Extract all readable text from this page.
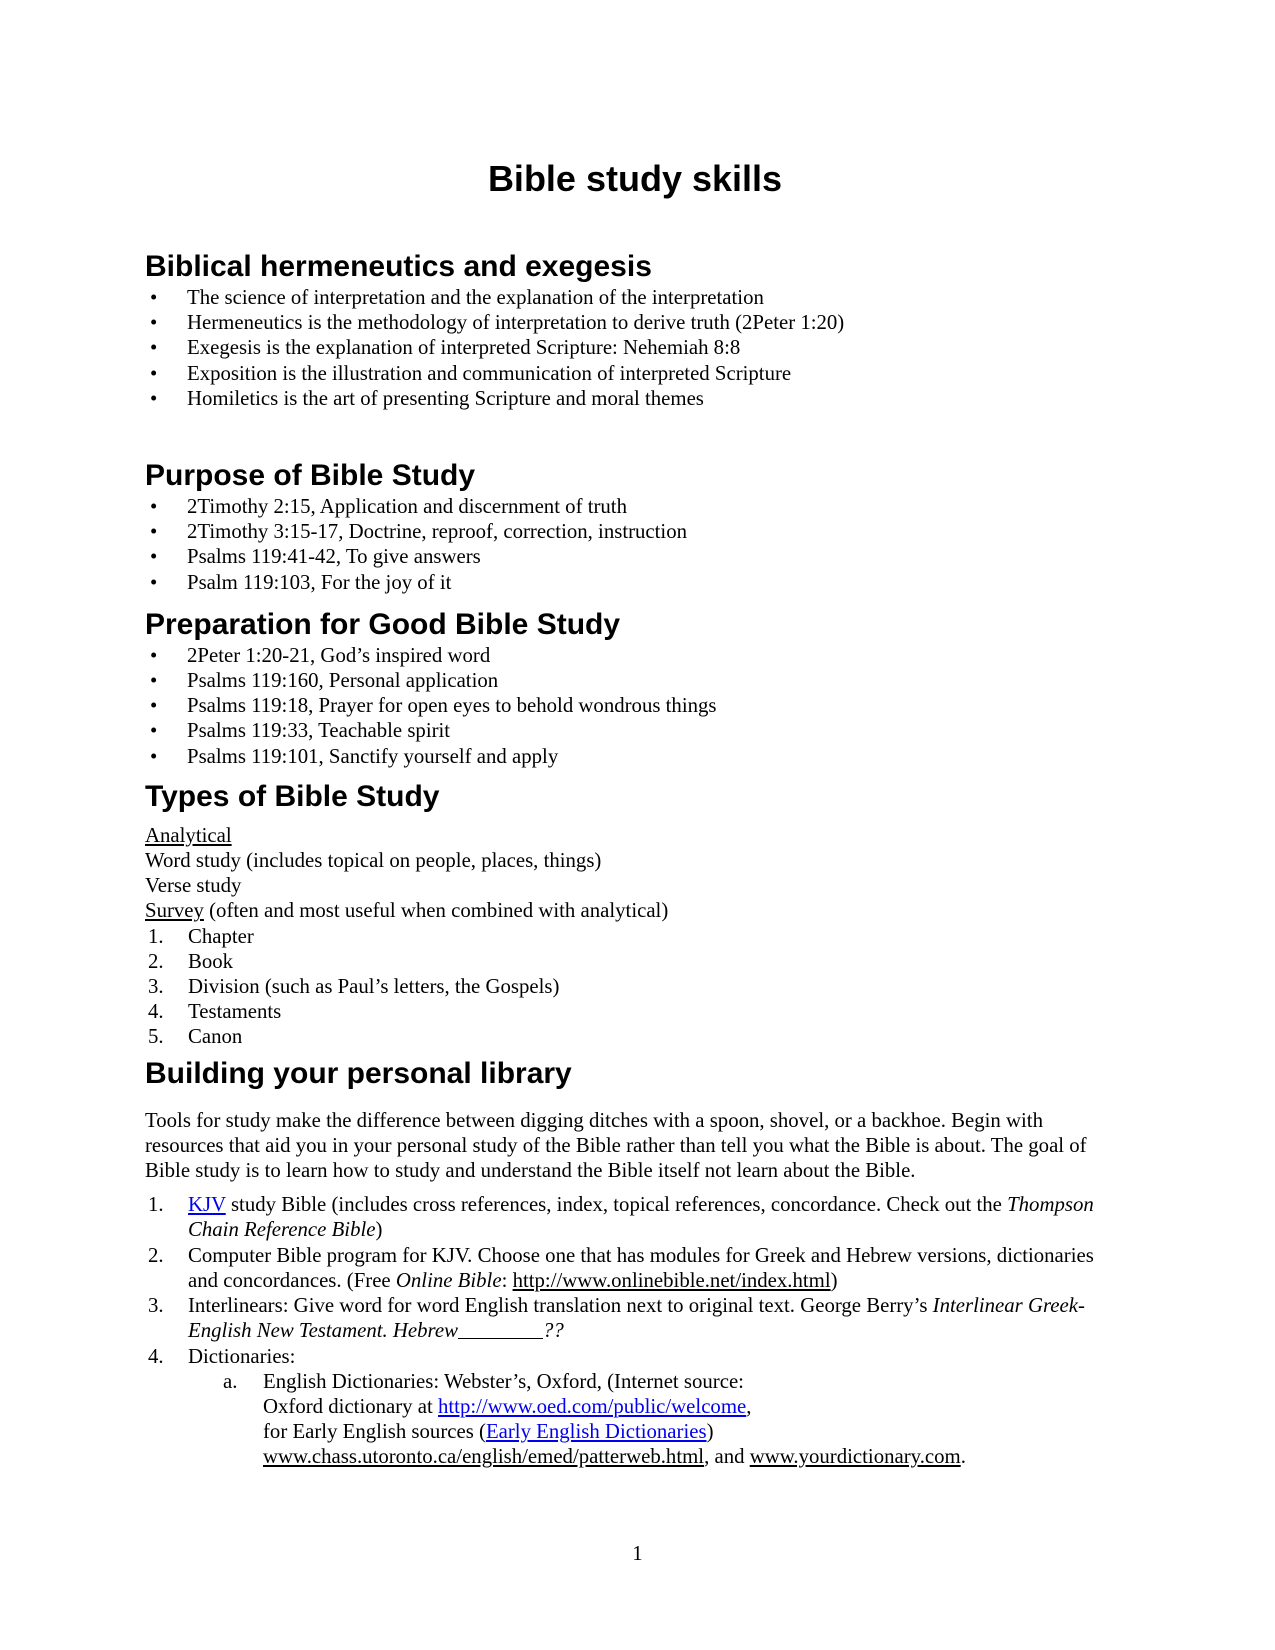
Bible study skills
Biblical hermeneutics and exegesis
• The science of interpretation and the explanation of the interpretation
• Hermeneutics is the methodology of interpretation to derive truth (2Peter 1:20)
• Exegesis is the explanation of interpreted Scripture: Nehemiah 8:8
• Exposition is the illustration and communication of interpreted Scripture
• Homiletics is the art of presenting Scripture and moral themes
Purpose of Bible Study
• 2Timothy 2:15, Application and discernment of truth
• 2Timothy 3:15-17, Doctrine, reproof, correction, instruction
• Psalms 119:41-42, To give answers
• Psalm 119:103, For the joy of it
Preparation for Good Bible Study
• 2Peter 1:20-21, God’s inspired word
• Psalms 119:160, Personal application
• Psalms 119:18, Prayer for open eyes to behold wondrous things
• Psalms 119:33, Teachable spirit
• Psalms 119:101, Sanctify yourself and apply
Types of Bible Study
Analytical
Word study (includes topical on people, places, things)
Verse study
Survey (often and most useful when combined with analytical)
Chapter
Book
Division (such as Paul’s letters, the Gospels)
Testaments
Canon
Building your personal library

Tools for study make the difference between digging ditches with a spoon, shovel, or a backhoe. Begin with resources that aid you in your personal study of the Bible rather than tell you what the Bible is about. The goal of Bible study is to learn how to study and understand the Bible itself not learn about the Bible.

KJV study Bible (includes cross references, index, topical references, concordance. Check out the Thompson Chain Reference Bible)
Computer Bible program for KJV. Choose one that has modules for Greek and Hebrew versions, dictionaries and concordances. (Free Online Bible: http://www.onlinebible.net/index.html)
Interlinears: Give word for word English translation next to original text. George Berry’s Interlinear Greek-English New Testament. Hebrew	??
Dictionaries:
English Dictionaries: Webster’s, Oxford, (Internet source:
Oxford dictionary at http://www.oed.com/public/welcome,
for Early English sources (Early English Dictionaries)
www.chass.utoronto.ca/english/emed/patterweb.html, and www.yourdictionary.com.
1
